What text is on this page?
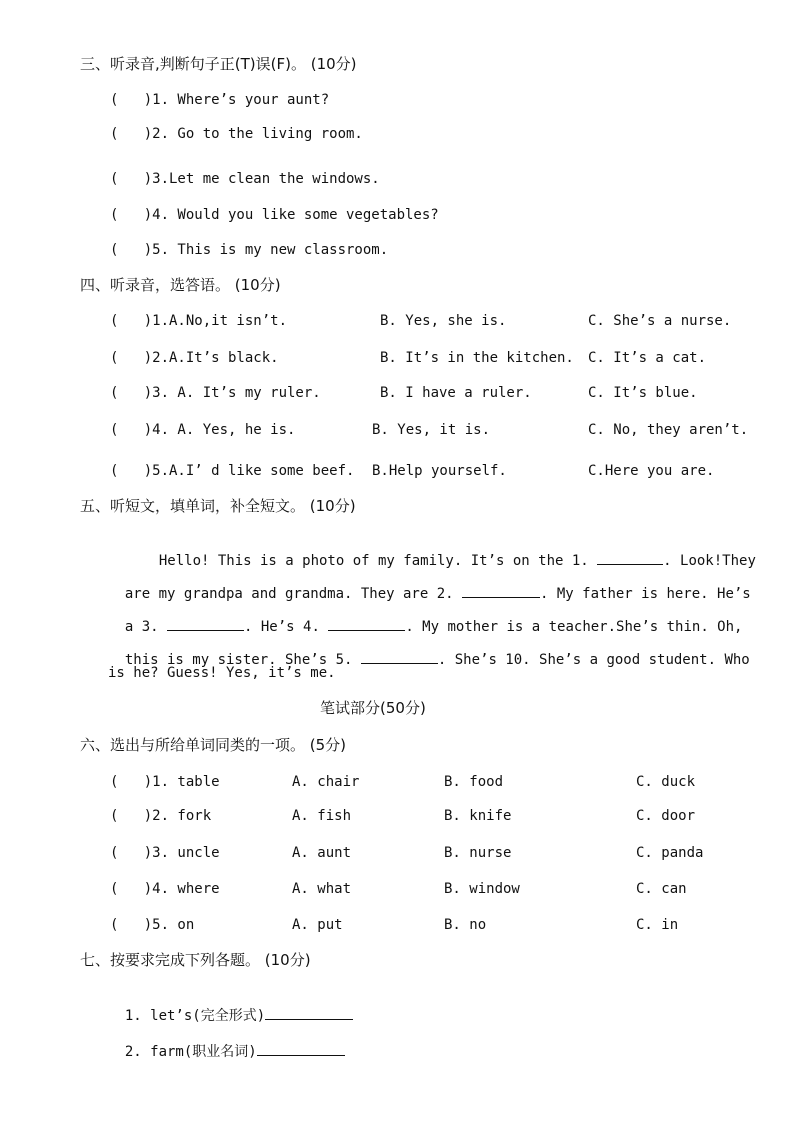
三、听录音,判断句子正(T)误(F)。 (10分)
(   )1. Where’s your aunt?
(   )2. Go to the living room.
(   )3.Let me clean the windows.
(   )4. Would you like some vegetables?
(   )5. This is my new classroom.
四、听录音，选答语。 (10分)
(   )1.A.No,it isn’t.	B. Yes, she is.	C. She’s a nurse.
(   )2.A.It’s black.	B. It’s in the kitchen. C. It’s a cat.
(   )3. A. It’s my ruler.	B. I have a ruler.	C. It’s blue.
(   )4. A. Yes, he is.	B. Yes, it is.	C. No, they aren’t.
(   )5.A.I’ d like some beef. B.Help yourself.	C.Here you are.
五、听短文，填单词，补全短文。 (10分)

Hello! This is a photo of my family. It’s on the 1.	. Look!They

are my grandpa and grandma. They are 2.	. My father is here. He’s

a 3.	. He’s 4.	. My mother is a teacher.She’s thin. Oh,

this is my sister. She’s 5.	. She’s 10. She’s a good student. Who

is he? Guess! Yes, it’s me.
笔试部分(50分)
六、选出与所给单词同类的一项。 (5分)
(   )1. table	A. chair	B. food	C. duck
(   )2. fork	A. fish	B. knife	C. door
(   )3. uncle	A. aunt	B. nurse	C. panda
(   )4. where	A. what	B. window	C. can
(   )5. on	A. put	B. no	C. in
七、按要求完成下列各题。 (10分)

1. let’s(完全形式)

2. farm(职业名词)
